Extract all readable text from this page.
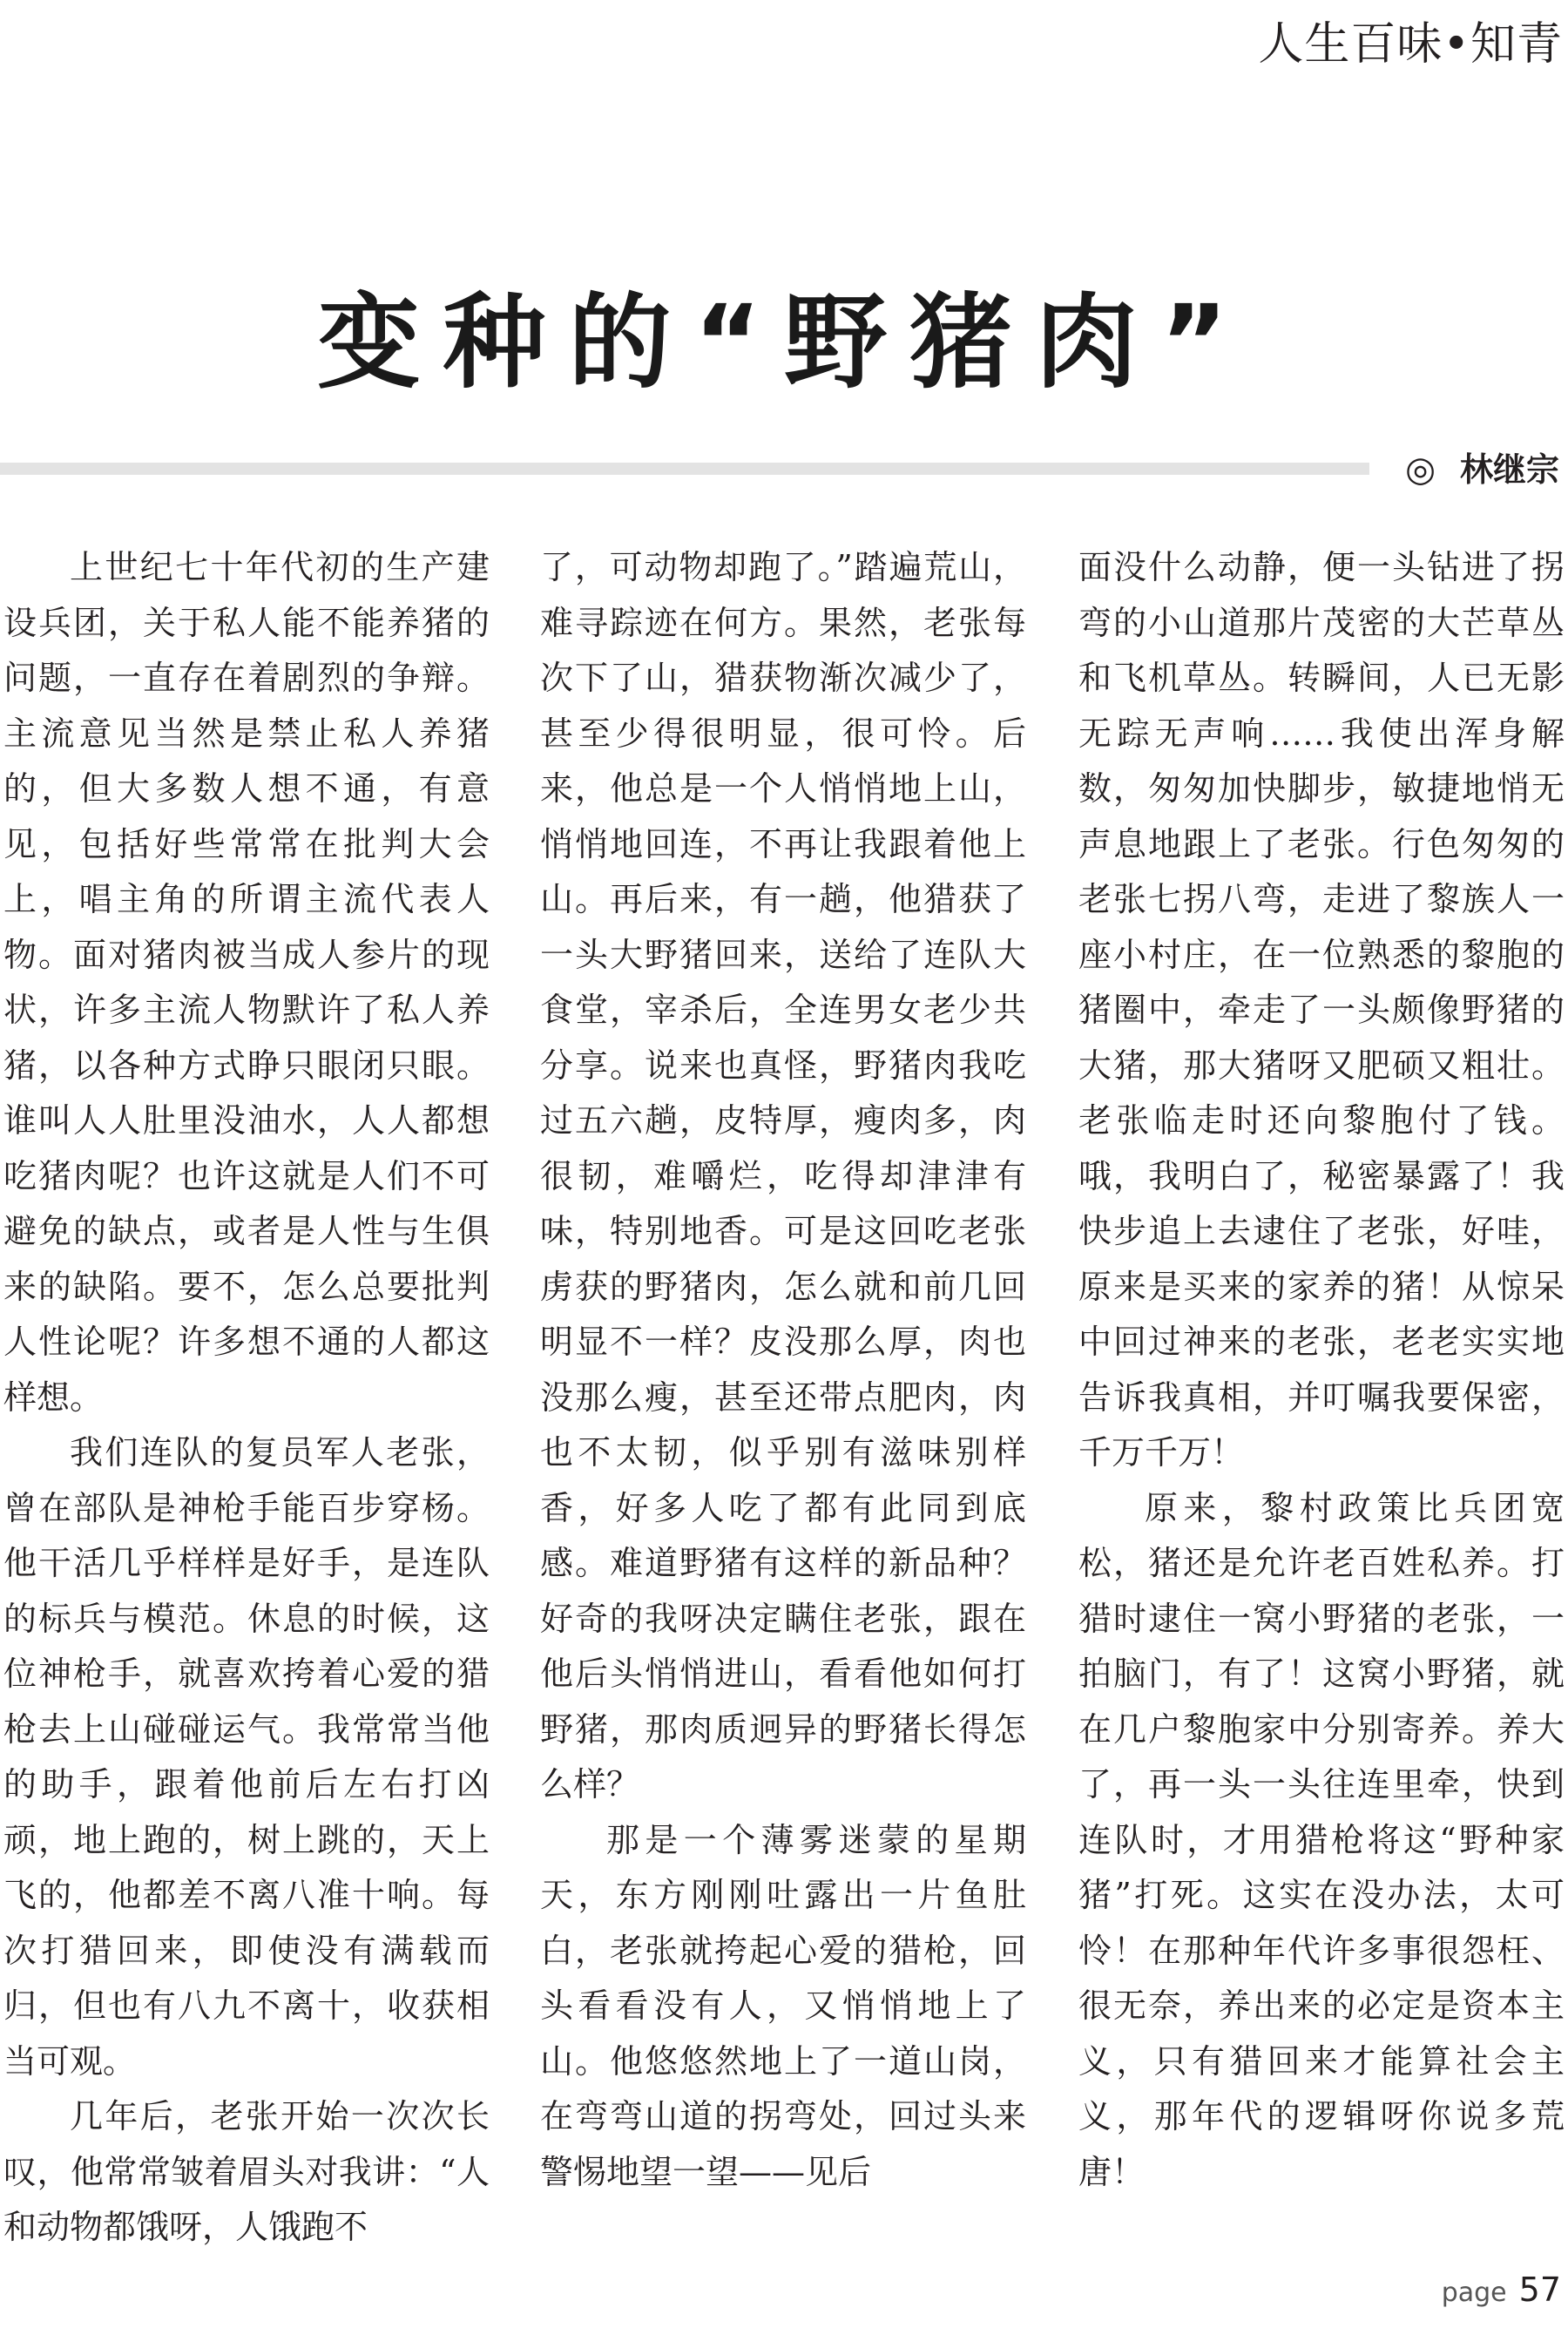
人生百味•知青
变种的“野猪肉”
◎ 林继宗

上世纪七十年代初的生产建设兵团，关于私人能不能养猪的问题，一直存在着剧烈的争辩。主流意见当然是禁止私人养猪的，但大多数人想不通，有意见，包括好些常常在批判大会上，唱主角的所谓主流代表人物。面对猪肉被当成人参片的现状，许多主流人物默许了私人养猪，以各种方式睁只眼闭只眼。谁叫人人肚里没油水，人人都想吃猪肉呢？也许这就是人们不可避免的缺点，或者是人性与生俱来的缺陷。要不，怎么总要批判人性论呢？许多想不通的人都这样想。

我们连队的复员军人老张，曾在部队是神枪手能百步穿杨。他干活几乎样样是好手，是连队的标兵与模范。休息的时候，这位神枪手，就喜欢挎着心爱的猎枪去上山碰碰运气。我常常当他的助手，跟着他前后左右打凶顽，地上跑的，树上跳的，天上飞的，他都差不离八准十响。每次打猎回来，即使没有满载而归，但也有八九不离十，收获相当可观。

几年后，老张开始一次次长叹，他常常皱着眉头对我讲：“人和动物都饿呀，人饿跑不

了，可动物却跑了。”踏遍荒山，难寻踪迹在何方。果然，老张每次下了山，猎获物渐次减少了，甚至少得很明显，很可怜。后来，他总是一个人悄悄地上山，悄悄地回连，不再让我跟着他上山。再后来，有一趟，他猎获了一头大野猪回来，送给了连队大食堂，宰杀后，全连男女老少共分享。说来也真怪，野猪肉我吃过五六趟，皮特厚，瘦肉多，肉很韧，难嚼烂，吃得却津津有味，特别地香。可是这回吃老张虏获的野猪肉，怎么就和前几回明显不一样？皮没那么厚，肉也没那么瘦，甚至还带点肥肉，肉也不太韧，似乎别有滋味别样香，好多人吃了都有此同到底感。难道野猪有这样的新品种？好奇的我呀决定瞒住老张，跟在他后头悄悄进山，看看他如何打野猪，那肉质迥异的野猪长得怎么样？

那是一个薄雾迷蒙的星期天，东方刚刚吐露出一片鱼肚白，老张就挎起心爱的猎枪，回头看看没有人，又悄悄地上了山。他悠悠然地上了一道山岗，在弯弯山道的拐弯处，回过头来警惕地望一望——见后

面没什么动静，便一头钻进了拐弯的小山道那片茂密的大芒草丛和飞机草丛。转瞬间，人已无影无踪无声响……我使出浑身解数，匆匆加快脚步，敏捷地悄无声息地跟上了老张。行色匆匆的老张七拐八弯，走进了黎族人一座小村庄，在一位熟悉的黎胞的猪圈中，牵走了一头颇像野猪的大猪，那大猪呀又肥硕又粗壮。老张临走时还向黎胞付了钱。哦，我明白了，秘密暴露了！我快步追上去逮住了老张，好哇，原来是买来的家养的猪！从惊呆中回过神来的老张，老老实实地告诉我真相，并叮嘱我要保密，千万千万！

原来，黎村政策比兵团宽松，猪还是允许老百姓私养。打猎时逮住一窝小野猪的老张，一拍脑门，有了！这窝小野猪，就在几户黎胞家中分别寄养。养大了，再一头一头往连里牵，快到连队时，才用猎枪将这“野种家猪”打死。这实在没办法，太可怜！在那种年代许多事很怨枉、很无奈，养出来的必定是资本主义，只有猎回来才能算社会主义，那年代的逻辑呀你说多荒唐！

page 57
